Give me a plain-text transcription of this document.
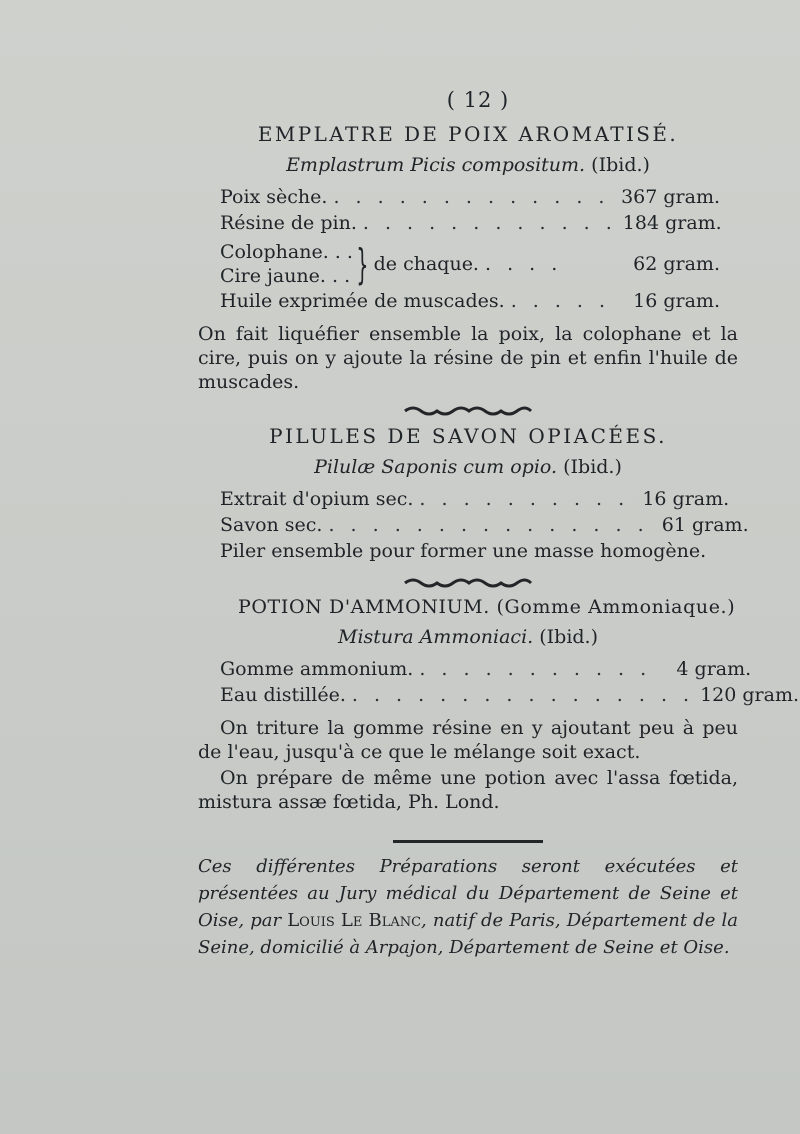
( 12 )
EMPLATRE DE POIX AROMATISÉ.
Emplastrum Picis compositum. (Ibid.)
Poix sèche. . . . . . . . . . . . . . 367 gram.
Résine de pin. . . . . . . . . . . . . 184 gram.
Colophane. . .
Cire jaune. . . } de chaque. . . . .	62 gram.
Huile exprimée de muscades. . . . . .	16 gram.

On fait liquéfier ensemble la poix, la colophane et la cire, puis on y ajoute la résine de pin et enfin l'huile de muscades.

PILULES DE SAVON OPIACÉES.
Pilulæ Saponis cum opio. (Ibid.)
Extrait d'opium sec. . . . . . . . . . . 16 gram.
Savon sec. . . . . . . . . . . . . . . . 61 gram.
Piler ensemble pour former une masse homogène.
POTION D'AMMONIUM. (Gomme Ammoniaque.)
Mistura Ammoniaci. (Ibid.)
Gomme ammonium. . . . . . . . . . . .	4 gram.
Eau distillée. . . . . . . . . . . . . . . . . 120 gram.

On triture la gomme résine en y ajoutant peu à peu de l'eau, jusqu'à ce que le mélange soit exact.

On prépare de même une potion avec l'assa fœtida, mistura assæ fœtida, Ph. Lond.

Ces différentes Préparations seront exécutées et présentées au Jury médical du Département de Seine et Oise, par Louis Le Blanc, natif de Paris, Département de la Seine, domicilié à Arpajon, Département de Seine et Oise.
